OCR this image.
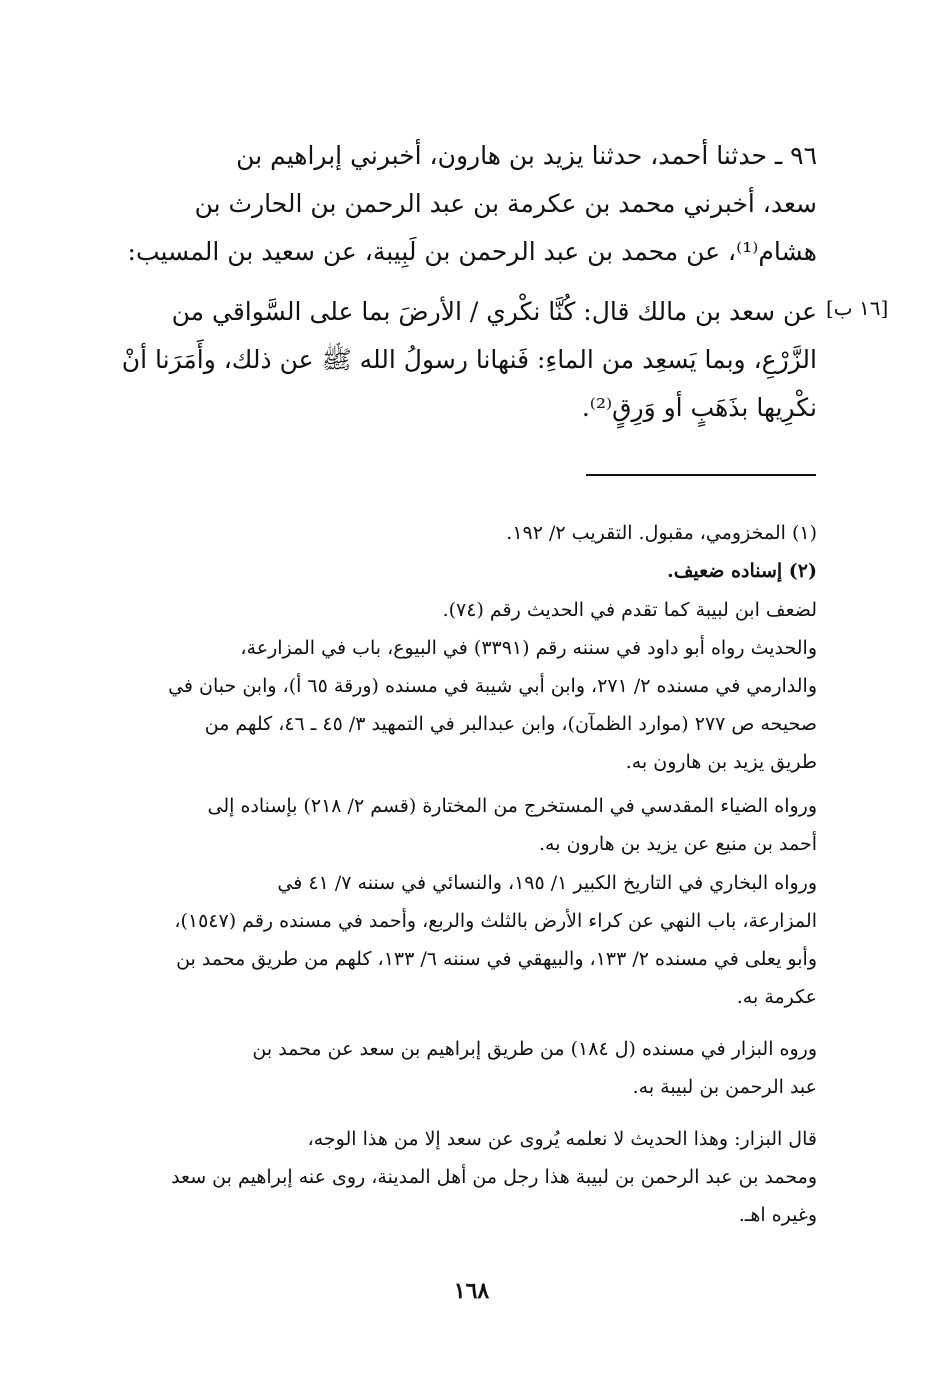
[١٦ ب]
٩٦ ـ حدثنا أحمد، حدثنا يزيد بن هارون، أخبرني إبراهيم بن
سعد، أخبرني محمد بن عكرمة بن عبد الرحمن بن الحارث بن
هشام⁽¹⁾، عن محمد بن عبد الرحمن بن لَبِيبة، عن سعيد بن المسيب:
عن سعد بن مالك قال: كُنَّا نكْري / الأرضَ بما على السَّواقي من
الزَّرْعِ، وبما يَسعِد من الماءِ: فَنهانا رسولُ الله ﷺ عن ذلك، وأَمَرَنا أنْ
نكْرِيها بذَهَبٍ أو وَرِقٍ⁽²⁾.
(١) المخزومي، مقبول. التقريب ٢/ ١٩٢.
(٢) إسناده ضعيف.
لضعف ابن لبيبة كما تقدم في الحديث رقم (٧٤).
والحديث رواه أبو داود في سننه رقم (٣٣٩١) في البيوع، باب في المزارعة،
والدارمي في مسنده ٢/ ٢٧١، وابن أبي شيبة في مسنده (ورقة ٦٥ أ)، وابن حبان في
صحيحه ص ٢٧٧ (موارد الظمآن)، وابن عبدالبر في التمهيد ٣/ ٤٥ ـ ٤٦، كلهم من
طريق يزيد بن هارون به.
ورواه الضياء المقدسي في المستخرج من المختارة (قسم ٢/ ٢١٨) بإسناده إلى
أحمد بن منيع عن يزيد بن هارون به.
ورواه البخاري في التاريخ الكبير ١/ ١٩٥، والنسائي في سننه ٧/ ٤١ في
المزارعة، باب النهي عن كراء الأرض بالثلث والربع، وأحمد في مسنده رقم (١٥٤٧)،
وأبو يعلى في مسنده ٢/ ١٣٣، والبيهقي في سننه ٦/ ١٣٣، كلهم من طريق محمد بن
عكرمة به.
وروه البزار في مسنده (ل ١٨٤) من طريق إبراهيم بن سعد عن محمد بن
عبد الرحمن بن لبيبة به.
قال البزار: وهذا الحديث لا نعلمه يُروى عن سعد إلا من هذا الوجه،
ومحمد بن عبد الرحمن بن لبيبة هذا رجل من أهل المدينة، روى عنه إبراهيم بن سعد
وغيره اهـ.
١٦٨
